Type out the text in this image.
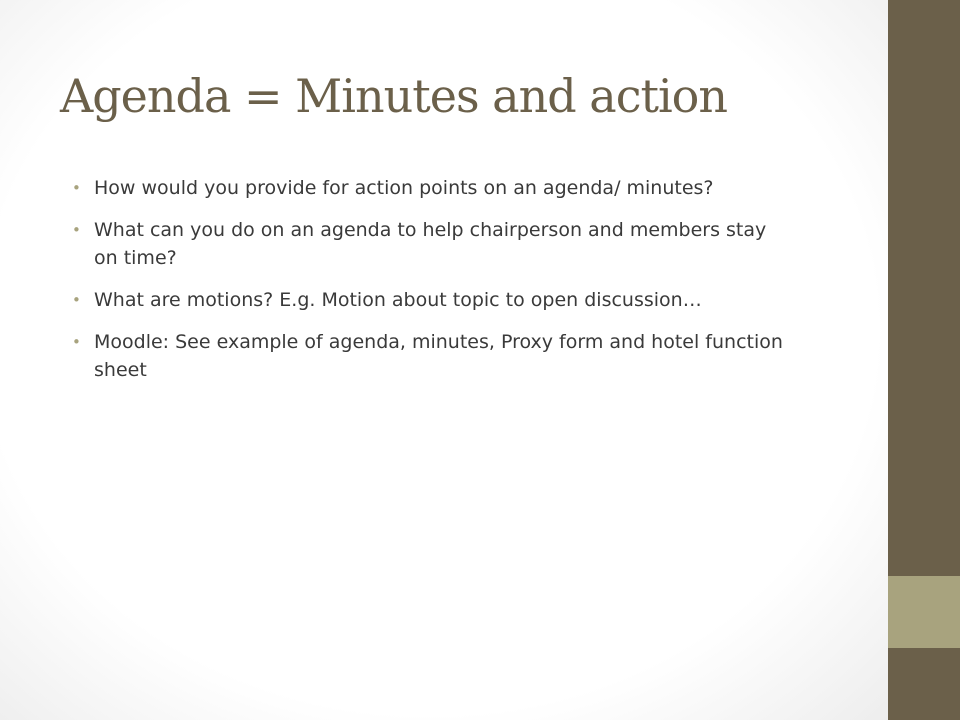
Agenda = Minutes and action
• How would you provide for action points on an agenda/ minutes?
• What can you do on an agenda to help chairperson and members stay on time?
• What are motions? E.g. Motion about topic to open discussion…
• Moodle: See example of agenda, minutes, Proxy form and hotel function sheet
